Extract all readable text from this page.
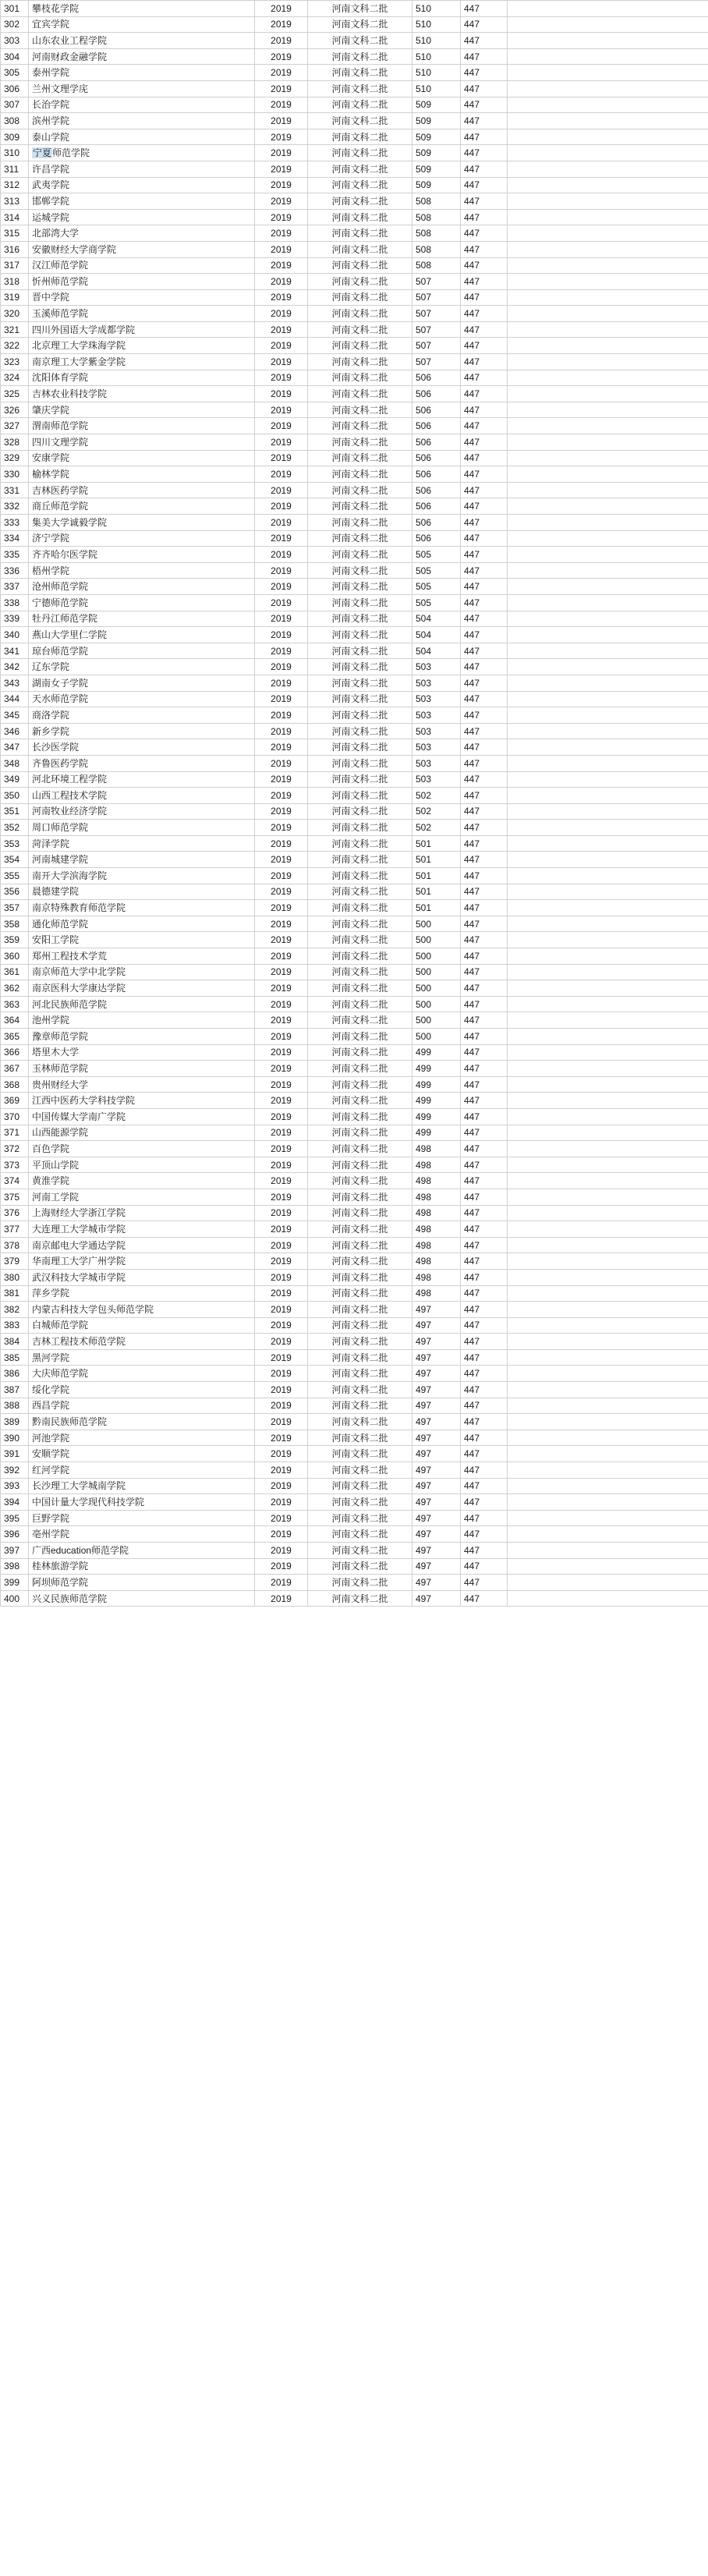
301	攀枝花学院	2019	河南文科二批	510	447	
302	宜宾学院	2019	河南文科二批	510	447	
303	山东农业工程学院	2019	河南文科二批	510	447	
304	河南财政金融学院	2019	河南文科二批	510	447	
305	泰州学院	2019	河南文科二批	510	447	
306	兰州文理学庑	2019	河南文科二批	510	447	
307	长治学院	2019	河南文科二批	509	447	
308	滨州学院	2019	河南文科二批	509	447	
309	泰山学院	2019	河南文科二批	509	447	
310	宁夏师范学院	2019	河南文科二批	509	447	
311	许昌学院	2019	河南文科二批	509	447	
312	武夷学院	2019	河南文科二批	509	447	
313	邯郸学院	2019	河南文科二批	508	447	
314	运城学院	2019	河南文科二批	508	447	
315	北部湾大学	2019	河南文科二批	508	447	
316	安徽财经大学商学院	2019	河南文科二批	508	447	
317	汉江师范学院	2019	河南文科二批	508	447	
318	忻州师范学院	2019	河南文科二批	507	447	
319	晋中学院	2019	河南文科二批	507	447	
320	玉溪师范学院	2019	河南文科二批	507	447	
321	四川外国语大学成都学院	2019	河南文科二批	507	447	
322	北京理工大学珠海学院	2019	河南文科二批	507	447	
323	南京理工大学紫金学院	2019	河南文科二批	507	447	
324	沈阳体育学院	2019	河南文科二批	506	447	
325	吉林农业科技学院	2019	河南文科二批	506	447	
326	肇庆学院	2019	河南文科二批	506	447	
327	渭南师范学院	2019	河南文科二批	506	447	
328	四川文理学院	2019	河南文科二批	506	447	
329	安康学院	2019	河南文科二批	506	447	
330	榆林学院	2019	河南文科二批	506	447	
331	吉林医药学院	2019	河南文科二批	506	447	
332	商丘师范学院	2019	河南文科二批	506	447	
333	集美大学诚毅学院	2019	河南文科二批	506	447	
334	济宁学院	2019	河南文科二批	506	447	
335	齐齐哈尔医学院	2019	河南文科二批	505	447	
336	梧州学院	2019	河南文科二批	505	447	
337	沧州师范学院	2019	河南文科二批	505	447	
338	宁德师范学院	2019	河南文科二批	505	447	
339	牡丹江师范学院	2019	河南文科二批	504	447	
340	燕山大学里仁学院	2019	河南文科二批	504	447	
341	琼台师范学院	2019	河南文科二批	504	447	
342	辽东学院	2019	河南文科二批	503	447	
343	湖南女子学院	2019	河南文科二批	503	447	
344	天水师范学院	2019	河南文科二批	503	447	
345	商洛学院	2019	河南文科二批	503	447	
346	新乡学院	2019	河南文科二批	503	447	
347	长沙医学院	2019	河南文科二批	503	447	
348	齐鲁医药学院	2019	河南文科二批	503	447	
349	河北环境工程学院	2019	河南文科二批	503	447	
350	山西工程技术学院	2019	河南文科二批	502	447	
351	河南牧业经济学院	2019	河南文科二批	502	447	
352	周口师范学院	2019	河南文科二批	502	447	
353	菏泽学院	2019	河南文科二批	501	447	
354	河南城建学院	2019	河南文科二批	501	447	
355	南开大学滨海学院	2019	河南文科二批	501	447	
356	晨德建学院	2019	河南文科二批	501	447	
357	南京特殊教育师范学院	2019	河南文科二批	501	447	
358	通化师范学院	2019	河南文科二批	500	447	
359	安阳工学院	2019	河南文科二批	500	447	
360	郑州工程技术学荒	2019	河南文科二批	500	447	
361	南京师范大学中北学院	2019	河南文科二批	500	447	
362	南京医科大学康达学院	2019	河南文科二批	500	447	
363	河北民族师范学院	2019	河南文科二批	500	447	
364	池州学院	2019	河南文科二批	500	447	
365	豫章师范学院	2019	河南文科二批	500	447	
366	塔里木大学	2019	河南文科二批	499	447	
367	玉林师范学院	2019	河南文科二批	499	447	
368	贵州财经大学	2019	河南文科二批	499	447	
369	江西中医药大学科技学院	2019	河南文科二批	499	447	
370	中国传媒大学南广学院	2019	河南文科二批	499	447	
371	山西能源学院	2019	河南文科二批	499	447	
372	百色学院	2019	河南文科二批	498	447	
373	平顶山学院	2019	河南文科二批	498	447	
374	黄淮学院	2019	河南文科二批	498	447	
375	河南工学院	2019	河南文科二批	498	447	
376	上海财经大学浙江学院	2019	河南文科二批	498	447	
377	大连理工大学城市学院	2019	河南文科二批	498	447	
378	南京邮电大学通达学院	2019	河南文科二批	498	447	
379	华南理工大学广州学院	2019	河南文科二批	498	447	
380	武汉科技大学城市学院	2019	河南文科二批	498	447	
381	萍乡学院	2019	河南文科二批	498	447	
382	内蒙古科技大学包头师范学院	2019	河南文科二批	497	447	
383	白城师范学院	2019	河南文科二批	497	447	
384	吉林工程技术师范学院	2019	河南文科二批	497	447	
385	黑河学院	2019	河南文科二批	497	447	
386	大庆师范学院	2019	河南文科二批	497	447	
387	绥化学院	2019	河南文科二批	497	447	
388	西昌学院	2019	河南文科二批	497	447	
389	黔南民族师范学院	2019	河南文科二批	497	447	
390	河池学院	2019	河南文科二批	497	447	
391	安顺学院	2019	河南文科二批	497	447	
392	红河学院	2019	河南文科二批	497	447	
393	长沙理工大学城南学院	2019	河南文科二批	497	447	
394	中国计量大学现代科技学院	2019	河南文科二批	497	447	
395	巨野学院	2019	河南文科二批	497	447	
396	亳州学院	2019	河南文科二批	497	447	
397	广西education师范学院	2019	河南文科二批	497	447	
398	桂林旅游学院	2019	河南文科二批	497	447	
399	阿坝师范学院	2019	河南文科二批	497	447	
400	兴义民族师范学院	2019	河南文科二批	497	447	
